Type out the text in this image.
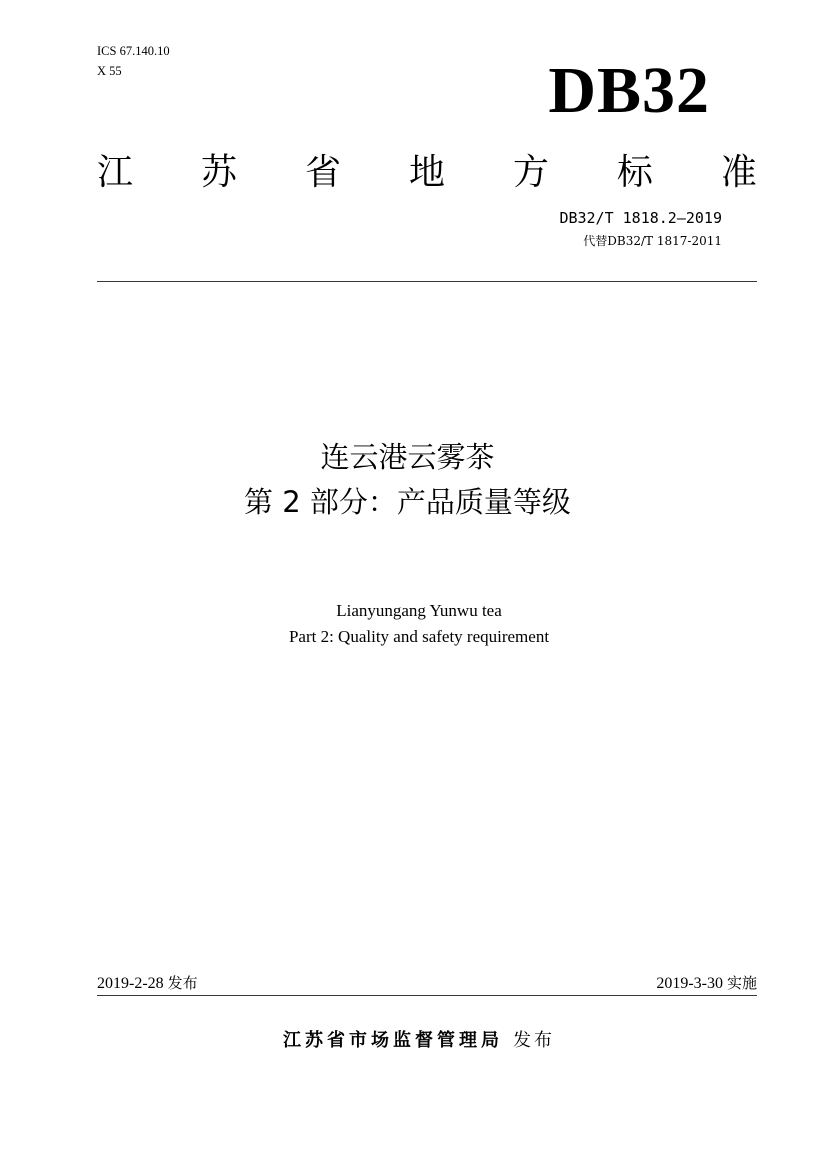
ICS 67.140.10
X 55	DB32
江 苏 省 地 方 标 准
DB32/T 1818.2—2019
代替DB32/T 1817-2011
连云港云雾茶
第 2 部分：产品质量等级
Lianyungang Yunwu tea
Part 2: Quality and safety requirement
2019-2-28 发布	2019-3-30 实施
江苏省市场监督管理局 发布
